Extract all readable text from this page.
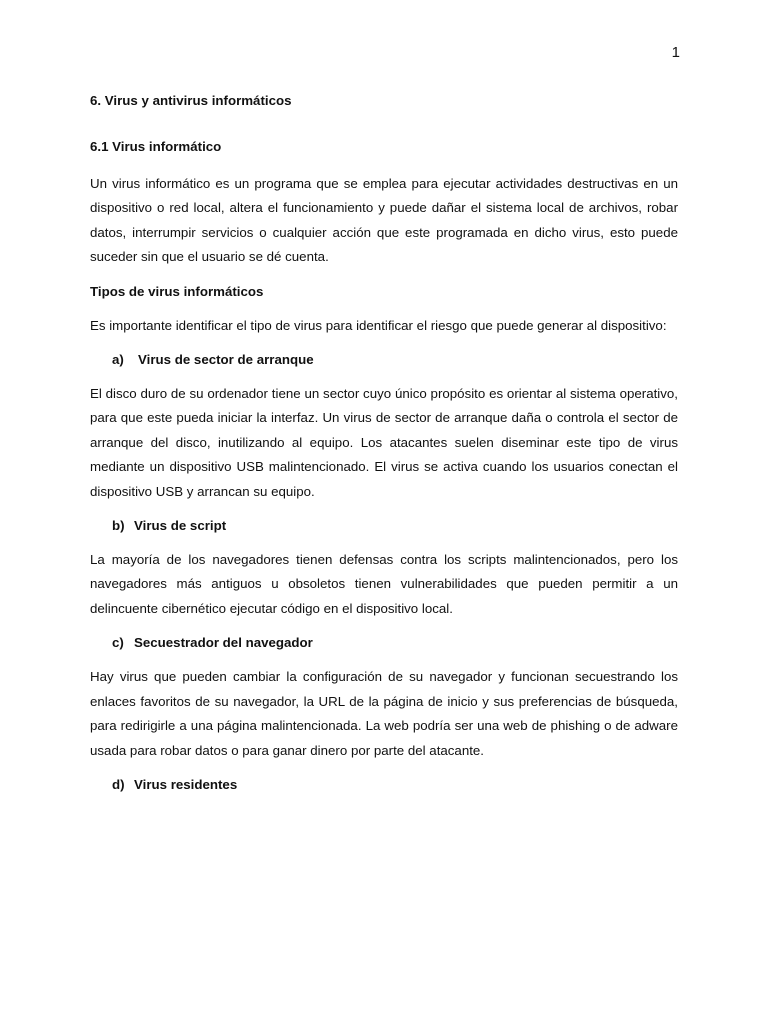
1
6. Virus y antivirus informáticos
6.1 Virus informático

Un virus informático es un programa que se emplea para ejecutar actividades destructivas en un dispositivo o red local, altera el funcionamiento y puede dañar el sistema local de archivos, robar datos, interrumpir servicios o cualquier acción que este programada en dicho virus, esto puede suceder sin que el usuario se dé cuenta.

Tipos de virus informáticos

Es importante identificar el tipo de virus para identificar el riesgo que puede generar al dispositivo:

a) Virus de sector de arranque

El disco duro de su ordenador tiene un sector cuyo único propósito es orientar al sistema operativo, para que este pueda iniciar la interfaz. Un virus de sector de arranque daña o controla el sector de arranque del disco, inutilizando al equipo. Los atacantes suelen diseminar este tipo de virus mediante un dispositivo USB malintencionado. El virus se activa cuando los usuarios conectan el dispositivo USB y arrancan su equipo.

b) Virus de script

La mayoría de los navegadores tienen defensas contra los scripts malintencionados, pero los navegadores más antiguos u obsoletos tienen vulnerabilidades que pueden permitir a un delincuente cibernético ejecutar código en el dispositivo local.

c) Secuestrador del navegador

Hay virus que pueden cambiar la configuración de su navegador y funcionan secuestrando los enlaces favoritos de su navegador, la URL de la página de inicio y sus preferencias de búsqueda, para redirigirle a una página malintencionada. La web podría ser una web de phishing o de adware usada para robar datos o para ganar dinero por parte del atacante.

d) Virus residentes
